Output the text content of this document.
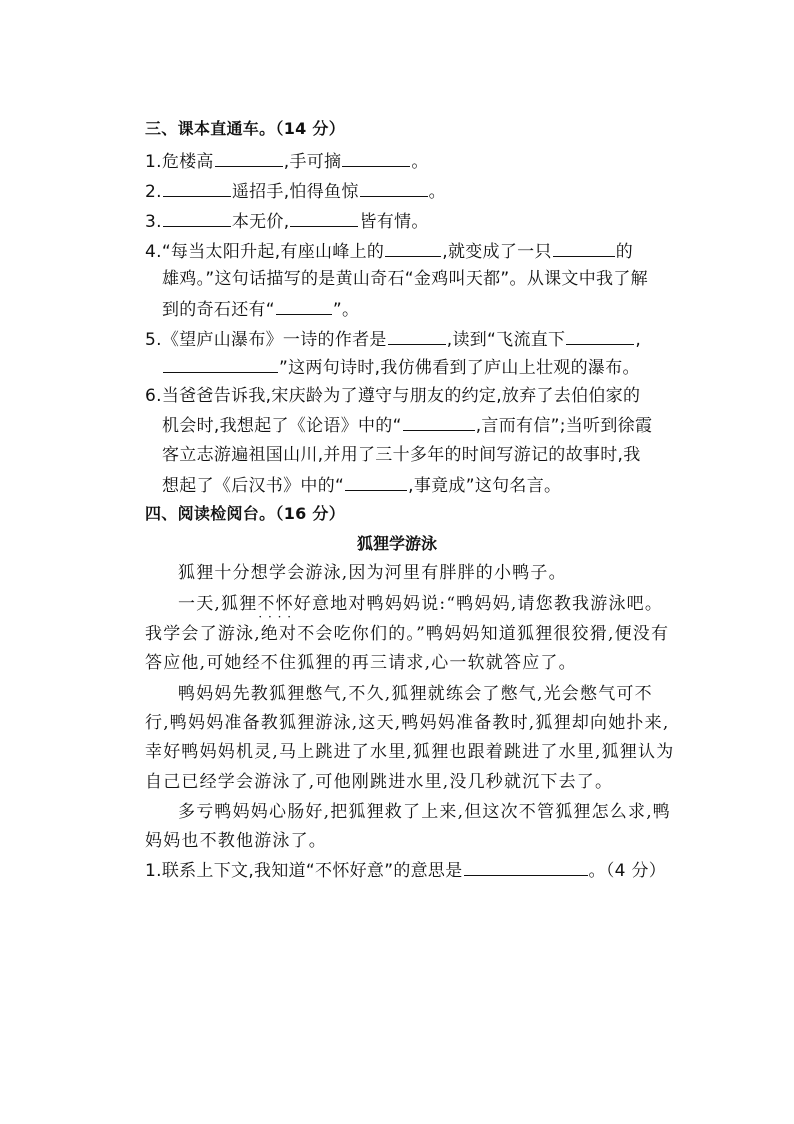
三、课本直通车。（14 分）
1.危楼高	,手可摘	。
2.	遥招手,怕得鱼惊	。
3.	本无价,	皆有情。
4.“每当太阳升起,有座山峰上的	,就变成了一只	的
雄鸡。”这句话描写的是黄山奇石“金鸡叫天都”。从课文中我了解
到的奇石还有“	”。
5.《望庐山瀑布》一诗的作者是	,读到“飞流直下	,
”这两句诗时,我仿佛看到了庐山上壮观的瀑布。
6.当爸爸告诉我,宋庆龄为了遵守与朋友的约定,放弃了去伯伯家的
机会时,我想起了《论语》中的“	,言而有信”;当听到徐霞
客立志游遍祖国山川,并用了三十多年的时间写游记的故事时,我
想起了《后汉书》中的“	,事竟成”这句名言。
四、阅读检阅台。（16 分）
狐狸学游泳
狐狸十分想学会游泳,因为河里有胖胖的小鸭子。
一天,狐狸· · 不怀好意地对鸭妈妈说:“鸭妈妈,请您教我游泳吧。
我学会了游泳,绝对不会吃你们的。”鸭妈妈知道狐狸很狡猾,便没有
答应他,可她经不住狐狸的再三请求,心一软就答应了。
鸭妈妈先教狐狸憋气,不久,狐狸就练会了憋气,光会憋气可不
行,鸭妈妈准备教狐狸游泳,这天,鸭妈妈准备教时,狐狸却向她扑来,
幸好鸭妈妈机灵,马上跳进了水里,狐狸也跟着跳进了水里,狐狸认为
自己已经学会游泳了,可他刚跳进水里,没几秒就沉下去了。
多亏鸭妈妈心肠好,把狐狸救了上来,但这次不管狐狸怎么求,鸭
妈妈也不教他游泳了。
1.联系上下文,我知道“不怀好意”的意思是	。（4 分）
